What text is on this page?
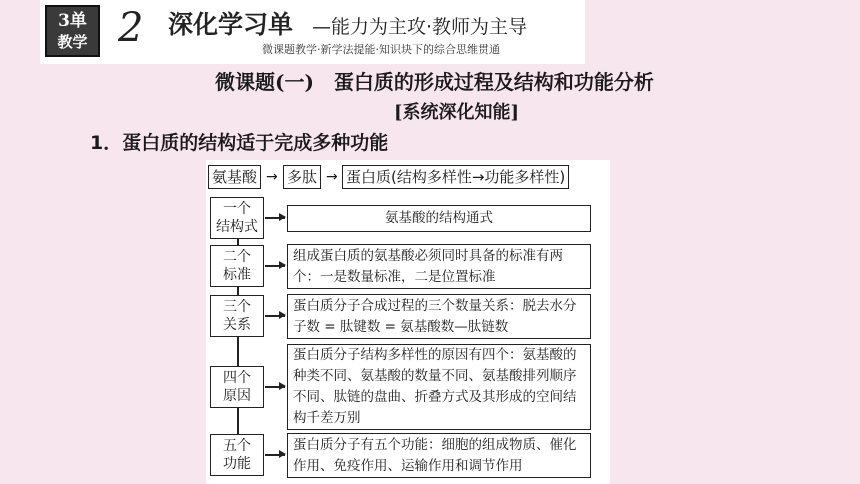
3单
教学 2 深化学习单 —能力为主攻·教师为主导
微课题教学·新学法提能·知识块下的综合思维贯通
微课题(一)　蛋白质的形成过程及结构和功能分析
[系统深化知能]
1．蛋白质的结构适于完成多种功能
氨基酸 → 多肽 → 蛋白质(结构多样性→功能多样性)
一个
结构式
氨基酸的结构通式
二个
标准
组成蛋白质的氨基酸必须同时具备的标准有两个：一是数量标准，二是位置标准
三个
关系
蛋白质分子合成过程的三个数量关系：脱去水分子数 = 肽键数 = 氨基酸数—肽链数
四个
原因
蛋白质分子结构多样性的原因有四个：氨基酸的种类不同、氨基酸的数量不同、氨基酸排列顺序不同、肽链的盘曲、折叠方式及其形成的空间结构千差万别
五个
功能
蛋白质分子有五个功能：细胞的组成物质、催化作用、免疫作用、运输作用和调节作用
